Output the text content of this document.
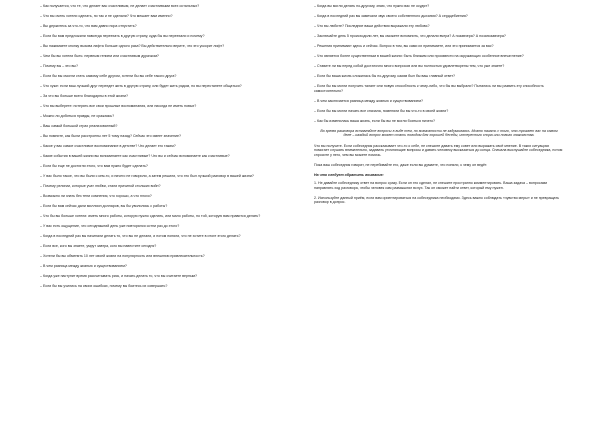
– Как получается, что те, что делает вас счастливым, не делает счастливыми всех остальных?
– Что вы очень хотели сделать, но так и не сделали? Что мешает вам именно?
– Вы держитесь за что-то, что вам давно пора отпустить?
– Если бы вам предложили навсегда переехать в другую страну, куда бы вы переехали и почему?
– Вы нажимаете кнопку вызова лифта больше одного раза? Вы действительно верите, что это ускорит лифт?
– Чем бы вы хотели быть: нервным гением или счастливым дурачком?
– Почему вы – это вы?
– Если бы вы смогли стать самому себе другом, хотели бы вы себе такого друга?
– Что хуже: если ваш лучший друг переедет жить в другую страну, или будет жить рядом, но вы перестанете общаться?
– За что вы больше всего благодарны в этой жизни?
– Что вы выберете: потерять все свои прошлые воспоминания, или никогда не иметь новых?
– Можно ли добиться правды, не сражаясь?
– Ваш самый большой страх реализованный?
– Вы помните, как были расстроены лет 5 тому назад? Сейчас это имеет значение?
– Какое у вас самое счастливое воспоминание в детстве? Что делает его таким?
– Какие события в вашей жизни вы вспоминаете как счастливые? Что вы и сейчас вспоминаете как счастливые?
– Если бы еще не достигли этого, что вам нужно будет сделать?
– У вас было такое, что вы были с кем-то, и ничего не говорили, а затем решили, что это был лучший разговор в вашей жизни?
– Почему религии, которые учат любви, стали причиной стольких войн?
– Возможно ли знать без тени сомнения, что хорошо, а что плохо?
– Если бы вам сейчас дали миллион долларов, вы бы уволились с работы?
– Что бы вы больше хотели: иметь много работы, которую нужно сделать, или мало работы, но той, которую вам нравится делать?
– У вас есть ощущение, что сегодняшний день уже повторялся сотни раз до этого?
– Когда в последний раз вы начинали делать то, что вы не делали, и потом поняли, что не хотите в итоге этого делать?
– Если все, кого вы знаете, умрут завтра, кого вы навестите сегодня?
– Хотели бы вы обменять 10 лет своей жизни на популярность или внешнюю привлекательность?
– В чем разница между жизнью и существованием?
– Когда уже наступит время рассчитывать риск, и начать делать то, что вы считаете верным?
– Если бы вы учились на своих ошибках, почему вы боитесь их совершать?
– Когда вы могли делать по-другому, знаю, что нужно вас не осудят?
– Когда в последний раз вы замечали звук своего собственного дыхания? А сердцебиения?
– Что вы любите? Последние ваши действия выражали эту любовь?
– Заключайте день 5 происходили лет, вы сможете вспомнить, что делали вчера? А позавчера? А позапозавчера?
– Решения принимают здесь и сейчас. Вопрос в том, вы сами их принимаете, или это принимается за вас?
– Что является более существенным в вашей жизни: быть близким или произвести на окружающих особенное впечатление?
– Ставите ли вы перед собой достаточно много вопросов или вы полностью удовлетворены тем, что уже знаете?
– Если бы ваша жизнь сложилась бы по-другому, каким был бы ваш главный ответ?
– Если бы вы могли получить талант или новую способность к чему-либо, что бы вы выбрали? Пытались ли вы развить эту способность самостоятельно?
– В чем заключается разница между жизнью и существованием?
– Если бы вы могли начать все сначала, поменяли бы вы что-то в своей жизни?
– Как бы изменилась ваша жизнь, если бы вы не могли бояться ничего?
Во время разговора вставляйте вопросы в виде тем, по возможности не задумываясь. Можно начать с того, что трогает вас на самом деле – каждый вопрос может стать поводом для хорошей беседы, интересного спора или нового знакомства.
Что вы получите. Если собеседник рассказывает что-то о себе, не спешите давать ему совет или выражать своё мнение. В таких ситуациях помогает слушать внимательно, задавать уточняющие вопросы и давать человеку высказаться до конца. Сначала выслушайте собеседника, потом спросите у него, чем вы можете помочь.
Пока ваш собеседник говорит, не перебивайте его, даже если вы думаете, что поняли, к чему он ведёт.
На что следует обратить внимание:
1. Не давайте собеседнику ответ на вопрос сразу. Если он это сделал, не спешите пространно комментировать. Ваша задача – вопросами направлять ход разговора, чтобы человек сам размышлял вслух. Так он сможет найти ответ, который ему нужен.
2. Используйте данный приём, если вам ориентироваться на собеседника необходимо. Здесь важно соблюдать «чувство меры» и не превращать разговор в допрос.
